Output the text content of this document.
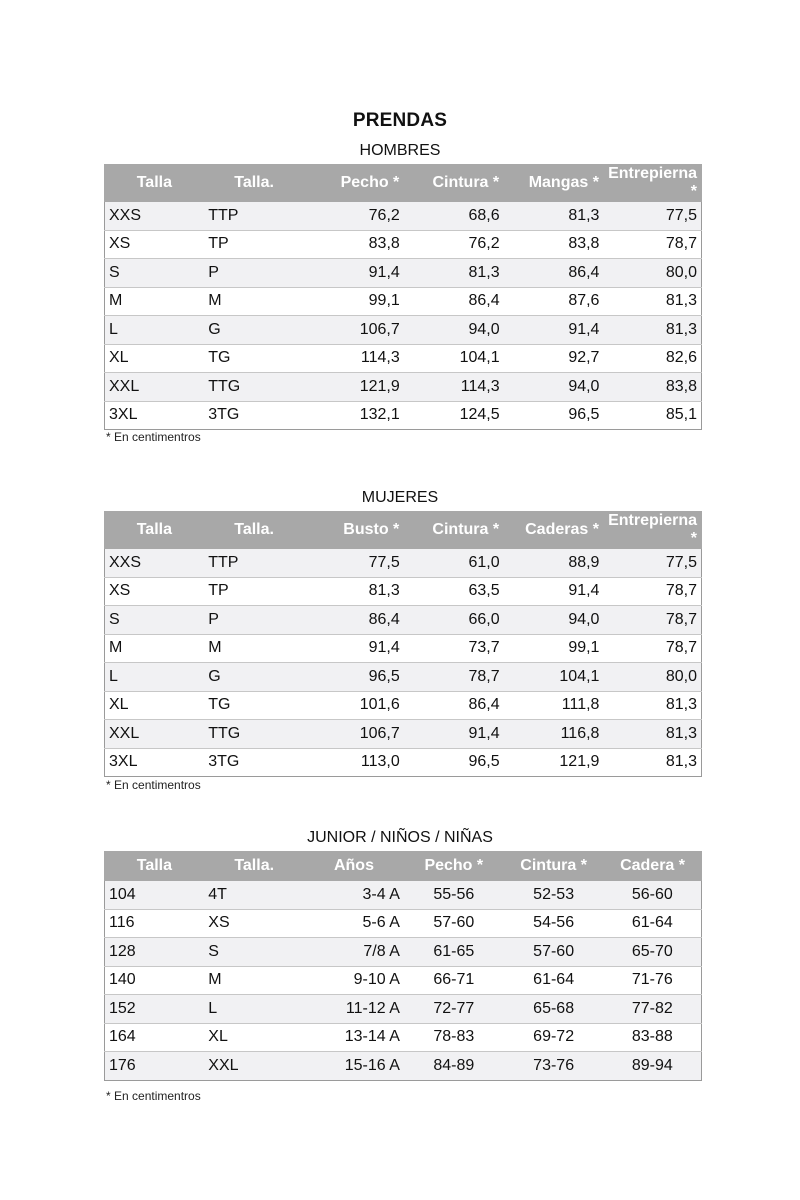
PRENDAS
HOMBRES
Talla	Talla.	Pecho *	Cintura *	Mangas *	Entrepierna *
XXS	TTP	76,2	68,6	81,3	77,5
XS	TP	83,8	76,2	83,8	78,7
S	P	91,4	81,3	86,4	80,0
M	M	99,1	86,4	87,6	81,3
L	G	106,7	94,0	91,4	81,3
XL	TG	114,3	104,1	92,7	82,6
XXL	TTG	121,9	114,3	94,0	83,8
3XL	3TG	132,1	124,5	96,5	85,1
* En centimentros
MUJERES
Talla	Talla.	Busto *	Cintura *	Caderas *	Entrepierna *
XXS	TTP	77,5	61,0	88,9	77,5
XS	TP	81,3	63,5	91,4	78,7
S	P	86,4	66,0	94,0	78,7
M	M	91,4	73,7	99,1	78,7
L	G	96,5	78,7	104,1	80,0
XL	TG	101,6	86,4	111,8	81,3
XXL	TTG	106,7	91,4	116,8	81,3
3XL	3TG	113,0	96,5	121,9	81,3
* En centimentros
JUNIOR / NIÑOS / NIÑAS
Talla	Talla.	Años	Pecho *	Cintura *	Cadera *
104	4T	3-4 A	55-56	52-53	56-60
116	XS	5-6 A	57-60	54-56	61-64
128	S	7/8 A	61-65	57-60	65-70
140	M	9-10 A	66-71	61-64	71-76
152	L	11-12 A	72-77	65-68	77-82
164	XL	13-14 A	78-83	69-72	83-88
176	XXL	15-16 A	84-89	73-76	89-94
* En centimentros
